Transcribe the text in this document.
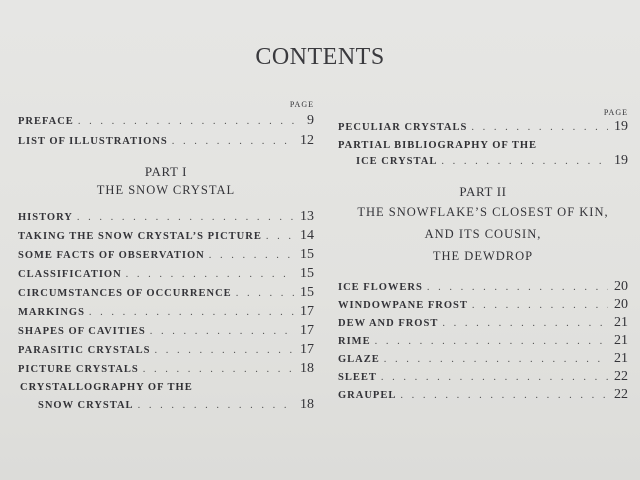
CONTENTS
PAGE
PREFACE . . .	9
LIST OF ILLUSTRATIONS . . .	12
PART I
THE SNOW CRYSTAL
HISTORY . . .	13
TAKING THE SNOW CRYSTAL’S PICTURE . . .	14
SOME FACTS OF OBSERVATION . . .	15
CLASSIFICATION . . .	15
CIRCUMSTANCES OF OCCURRENCE . . .	15
MARKINGS . . .	17
SHAPES OF CAVITIES . . .	17
PARASITIC CRYSTALS . . .	17
PICTURE CRYSTALS . . .	18
CRYSTALLOGRAPHY OF THE
SNOW CRYSTAL . . .	18
PAGE
PECULIAR CRYSTALS . . .	19
PARTIAL BIBLIOGRAPHY OF THE
ICE CRYSTAL . . .	19
PART II
THE SNOWFLAKE’S CLOSEST OF KIN,
AND ITS COUSIN,
THE DEWDROP
ICE FLOWERS . . .	20
WINDOWPANE FROST . . .	20
DEW AND FROST . . .	21
RIME . . .	21
GLAZE . . .	21
SLEET . . .	22
GRAUPEL . . .	22
